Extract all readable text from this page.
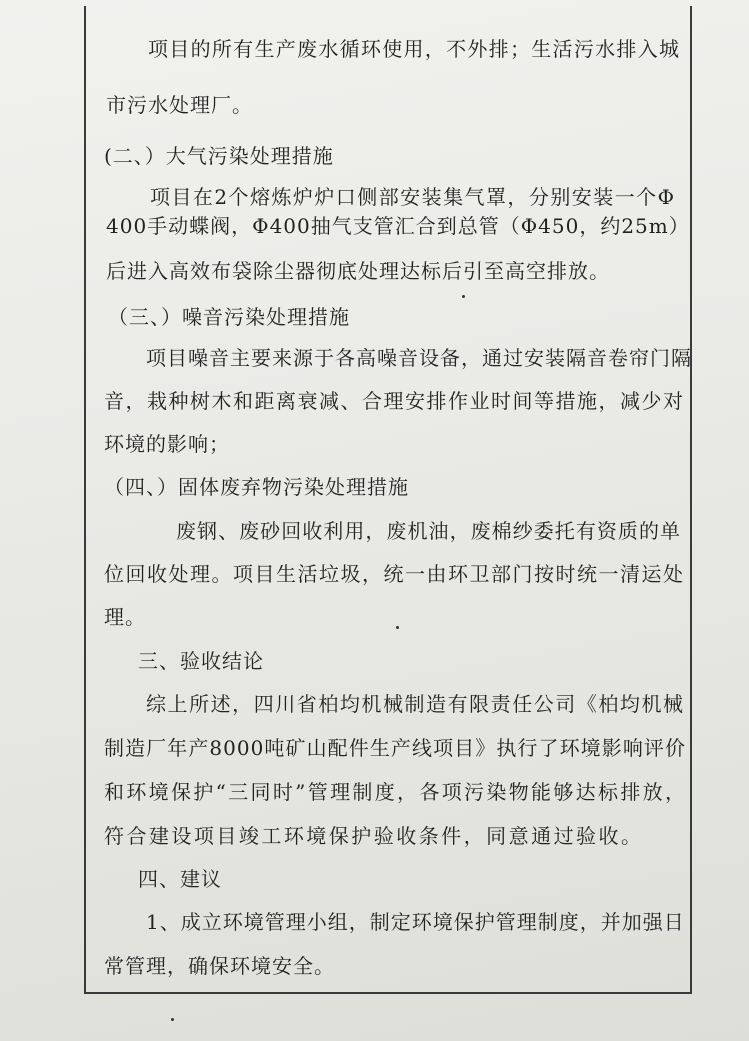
项目的所有生产废水循环使用，不外排；生活污水排入城
市污水处理厂。
(二、）大气污染处理措施
项目在2个熔炼炉炉口侧部安装集气罩，分别安装一个Φ
400手动蝶阀，Φ400抽气支管汇合到总管（Φ450，约25m）
后进入高效布袋除尘器彻底处理达标后引至高空排放。
（三、）噪音污染处理措施
项目噪音主要来源于各高噪音设备，通过安装隔音卷帘门隔
音，栽种树木和距离衰减、合理安排作业时间等措施，减少对
环境的影响；
（四、）固体废弃物污染处理措施
废钢、废砂回收利用，废机油，废棉纱委托有资质的单
位回收处理。项目生活垃圾，统一由环卫部门按时统一清运处
理。
三、验收结论
综上所述，四川省柏均机械制造有限责任公司《柏均机械
制造厂年产8000吨矿山配件生产线项目》执行了环境影响评价
和环境保护“三同时”管理制度，各项污染物能够达标排放，
符合建设项目竣工环境保护验收条件，同意通过验收。
四、建议
1、成立环境管理小组，制定环境保护管理制度，并加强日
常管理，确保环境安全。
